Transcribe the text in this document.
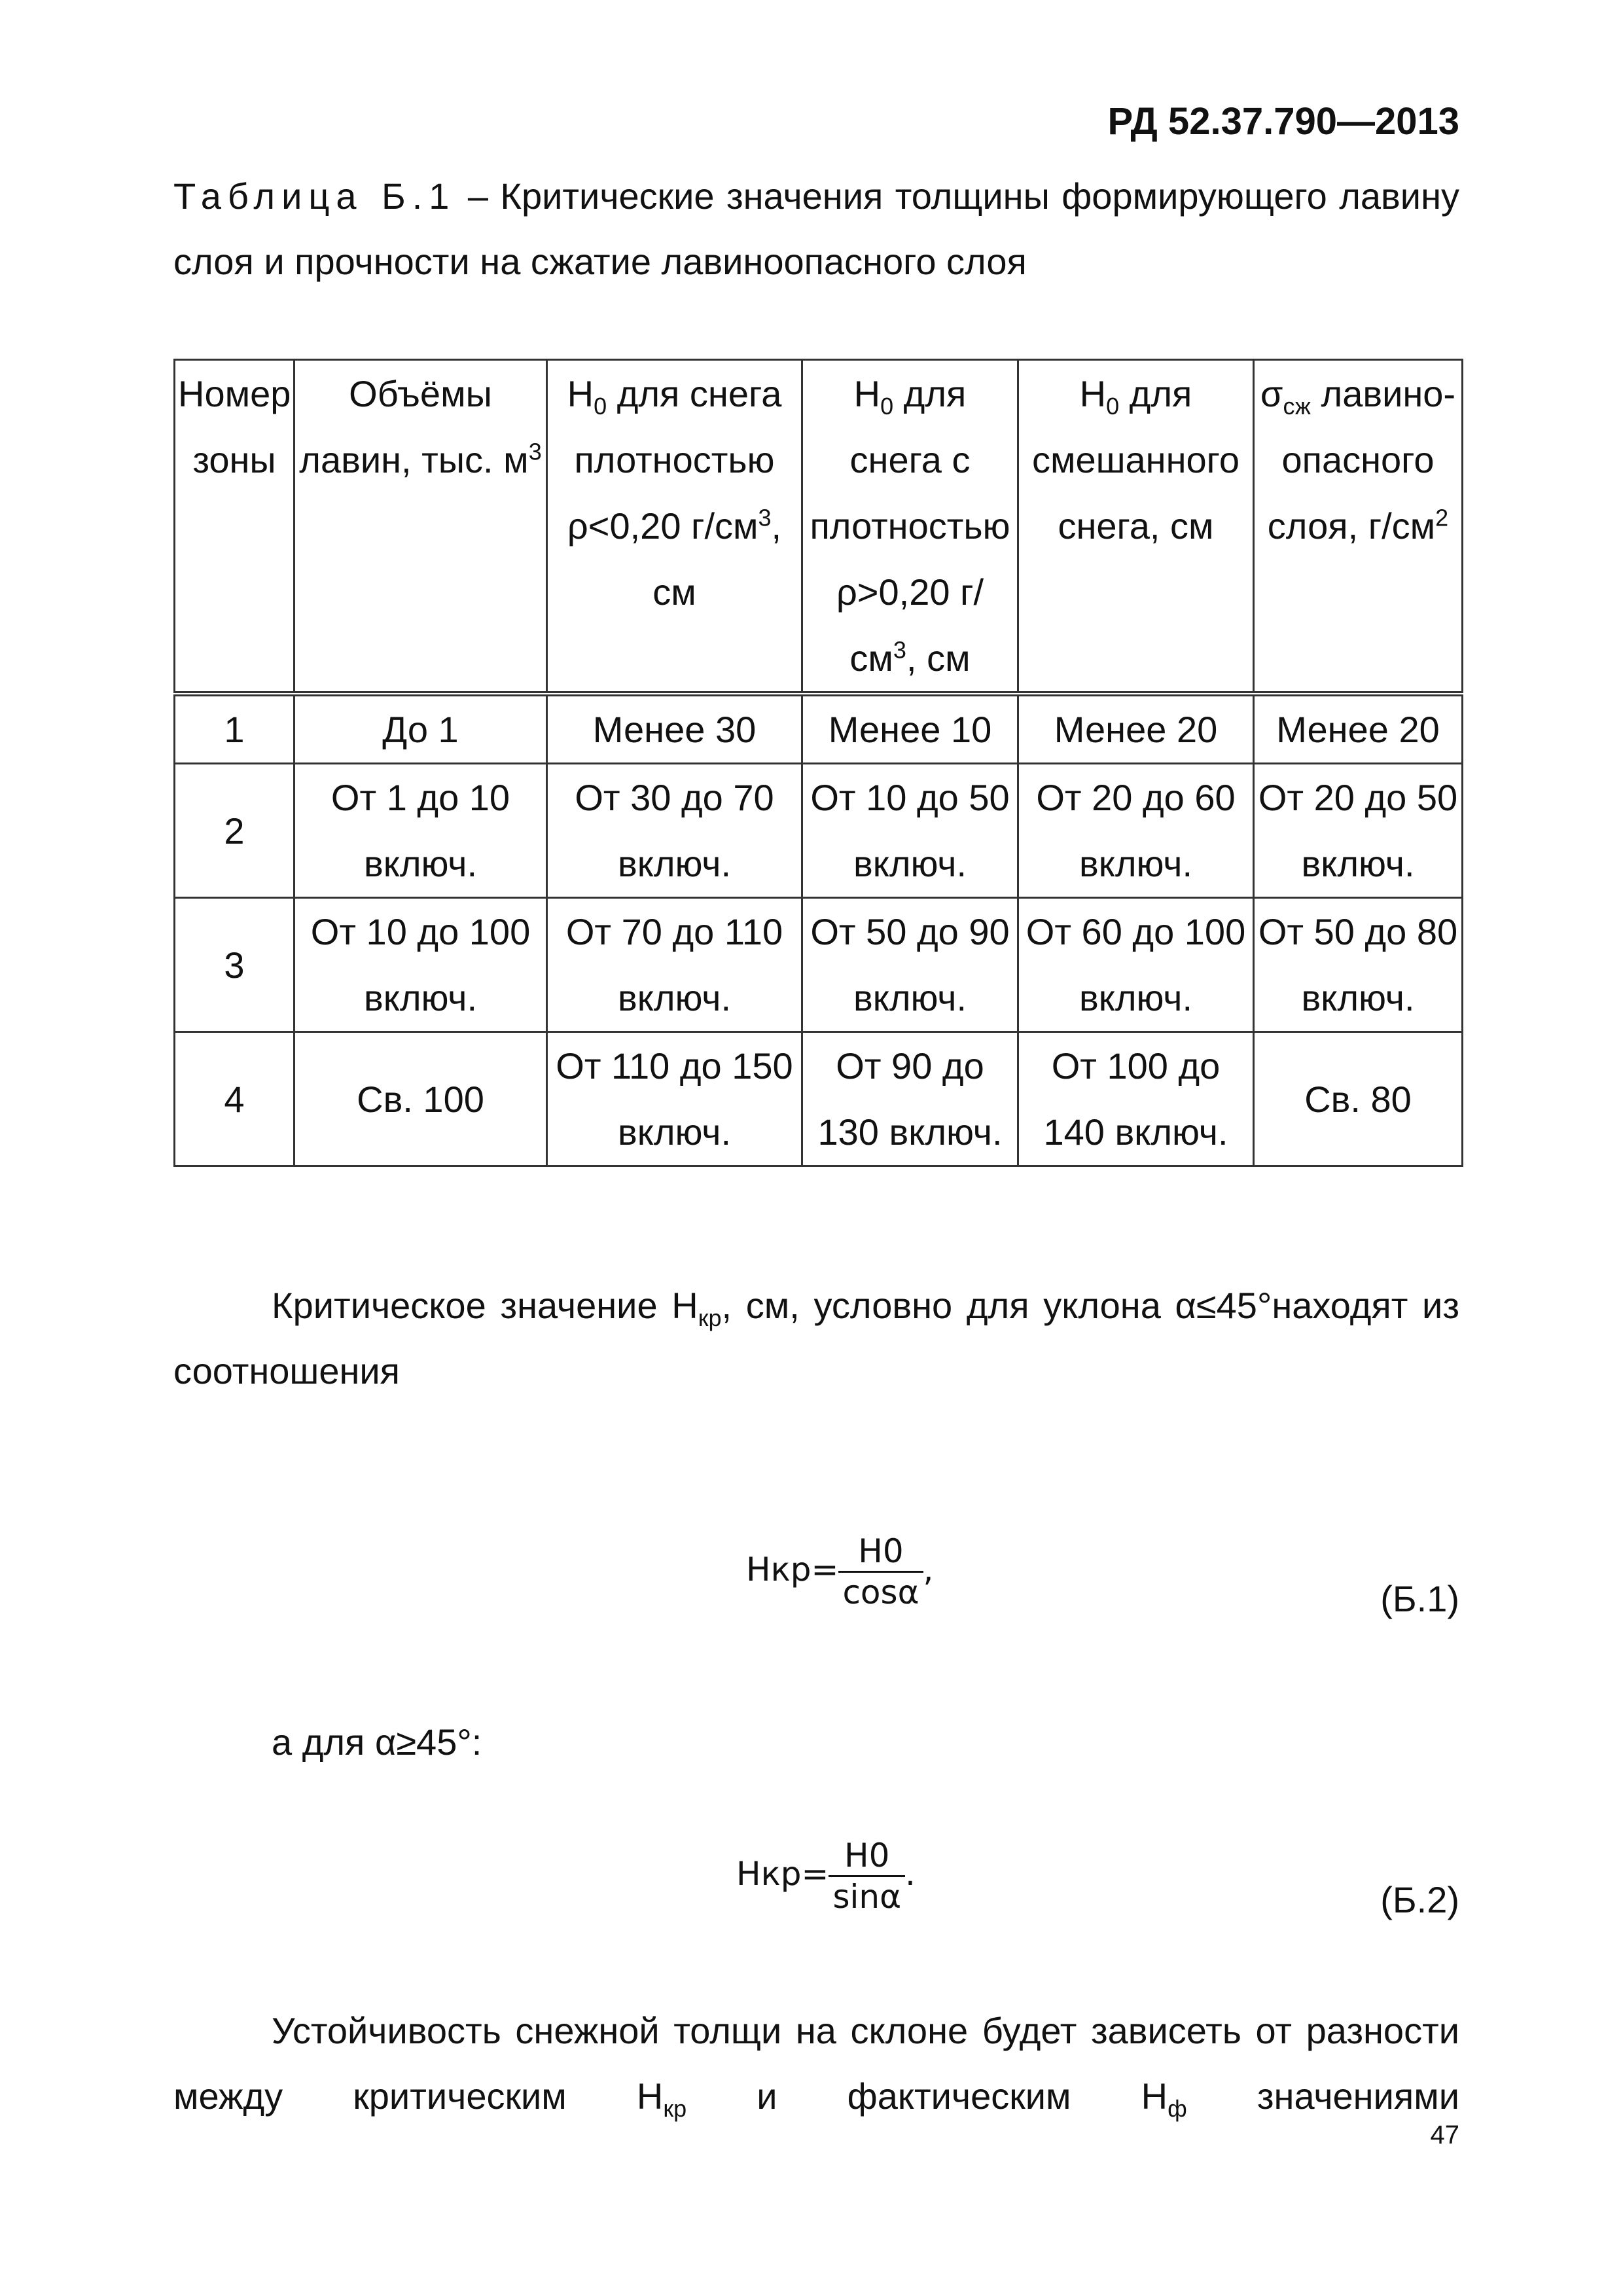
РД 52.37.790—2013
Таблица Б.1 – Критические значения толщины формирующего лавину слоя и прочности на сжатие лавиноопасного слоя
Номер зоны	Объёмы лавин, тыс. $м^3$	$H_0$ для снега плотностью ρ<0,20 $г/см^3$, см	$H_0$ для снега с плотностью ρ>0,20 $г/см^3$, см	$H_0$ для смешанного снега, см	$\sigma_{сж}$ лавино-опасного слоя, $г/см^2$
1	До 1	Менее 30	Менее 10	Менее 20	Менее 20
2	От 1 до 10 включ.	От 30 до 70 включ.	От 10 до 50 включ.	От 20 до 60 включ.	От 20 до 50 включ.
3	От 10 до 100 включ.	От 70 до 110 включ.	От 50 до 90 включ.	От 60 до 100 включ.	От 50 до 80 включ.
4	Св. 100	От 110 до 150 включ.	От 90 до 130 включ.	От 100 до 140 включ.	Св. 80
Критическое значение $H_{кр}$, см, условно для уклона α≤45°находят из соотношения
$Hкр= \frac{H0}{\cos\alpha}$ ,
(Б.1)
а для α≥45°:
$Hкр= \frac{H0}{\sin\alpha}$ .
(Б.2)
Устойчивость снежной толщи на склоне будет зависеть от разности между критическим $H_{кр}$ и фактическим $H_ф$ значениями
47
